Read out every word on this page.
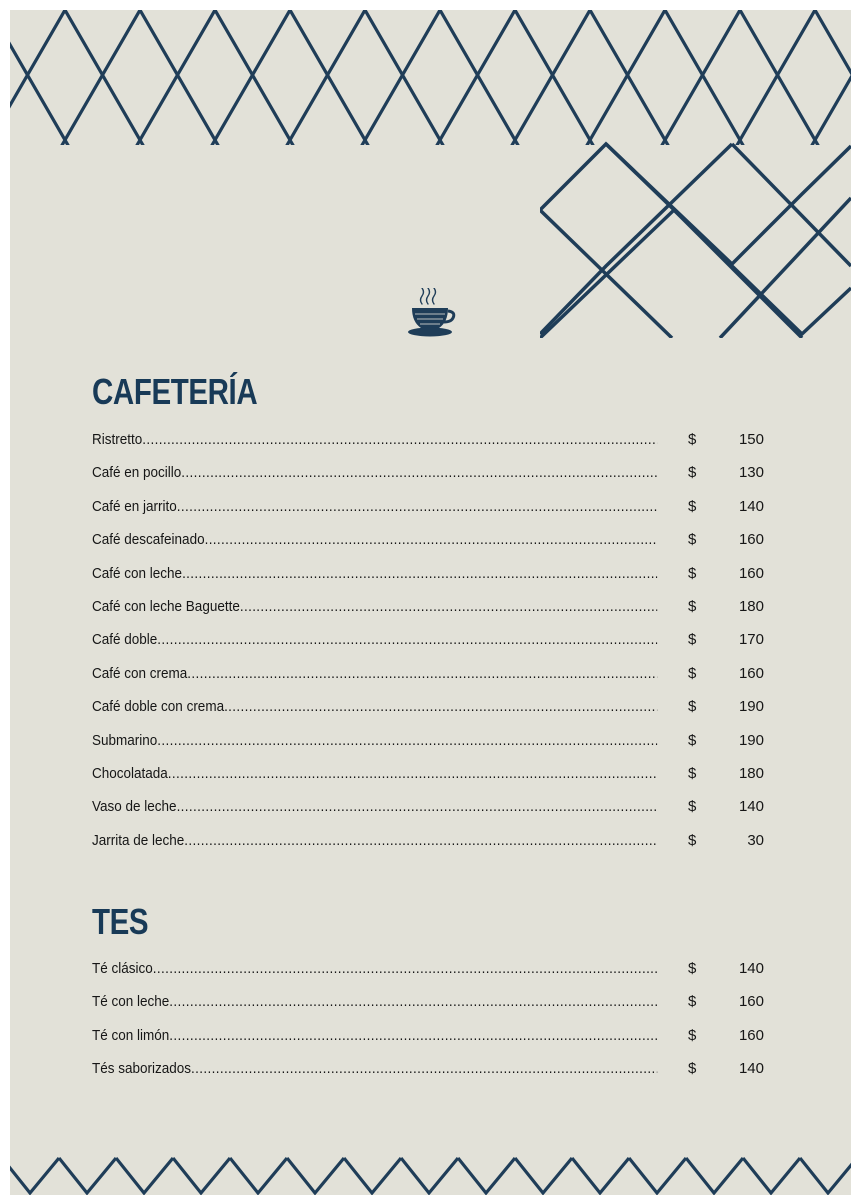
CAFETERÍA
Ristretto .....	$	150
Café en pocillo .....	$	130
Café en jarrito .....	$	140
Café descafeinado .....	$	160
Café con leche .....	$	160
Café con leche Baguette .....	$	180
Café doble .....	$	170
Café con crema .....	$	160
Café doble con crema .....	$	190
Submarino .....	$	190
Chocolatada .....	$	180
Vaso de leche .....	$	140
Jarrita de leche .....	$	30
TES
Té clásico .....	$	140
Té con leche .....	$	160
Té con limón .....	$	160
Tés saborizados .....	$	140
